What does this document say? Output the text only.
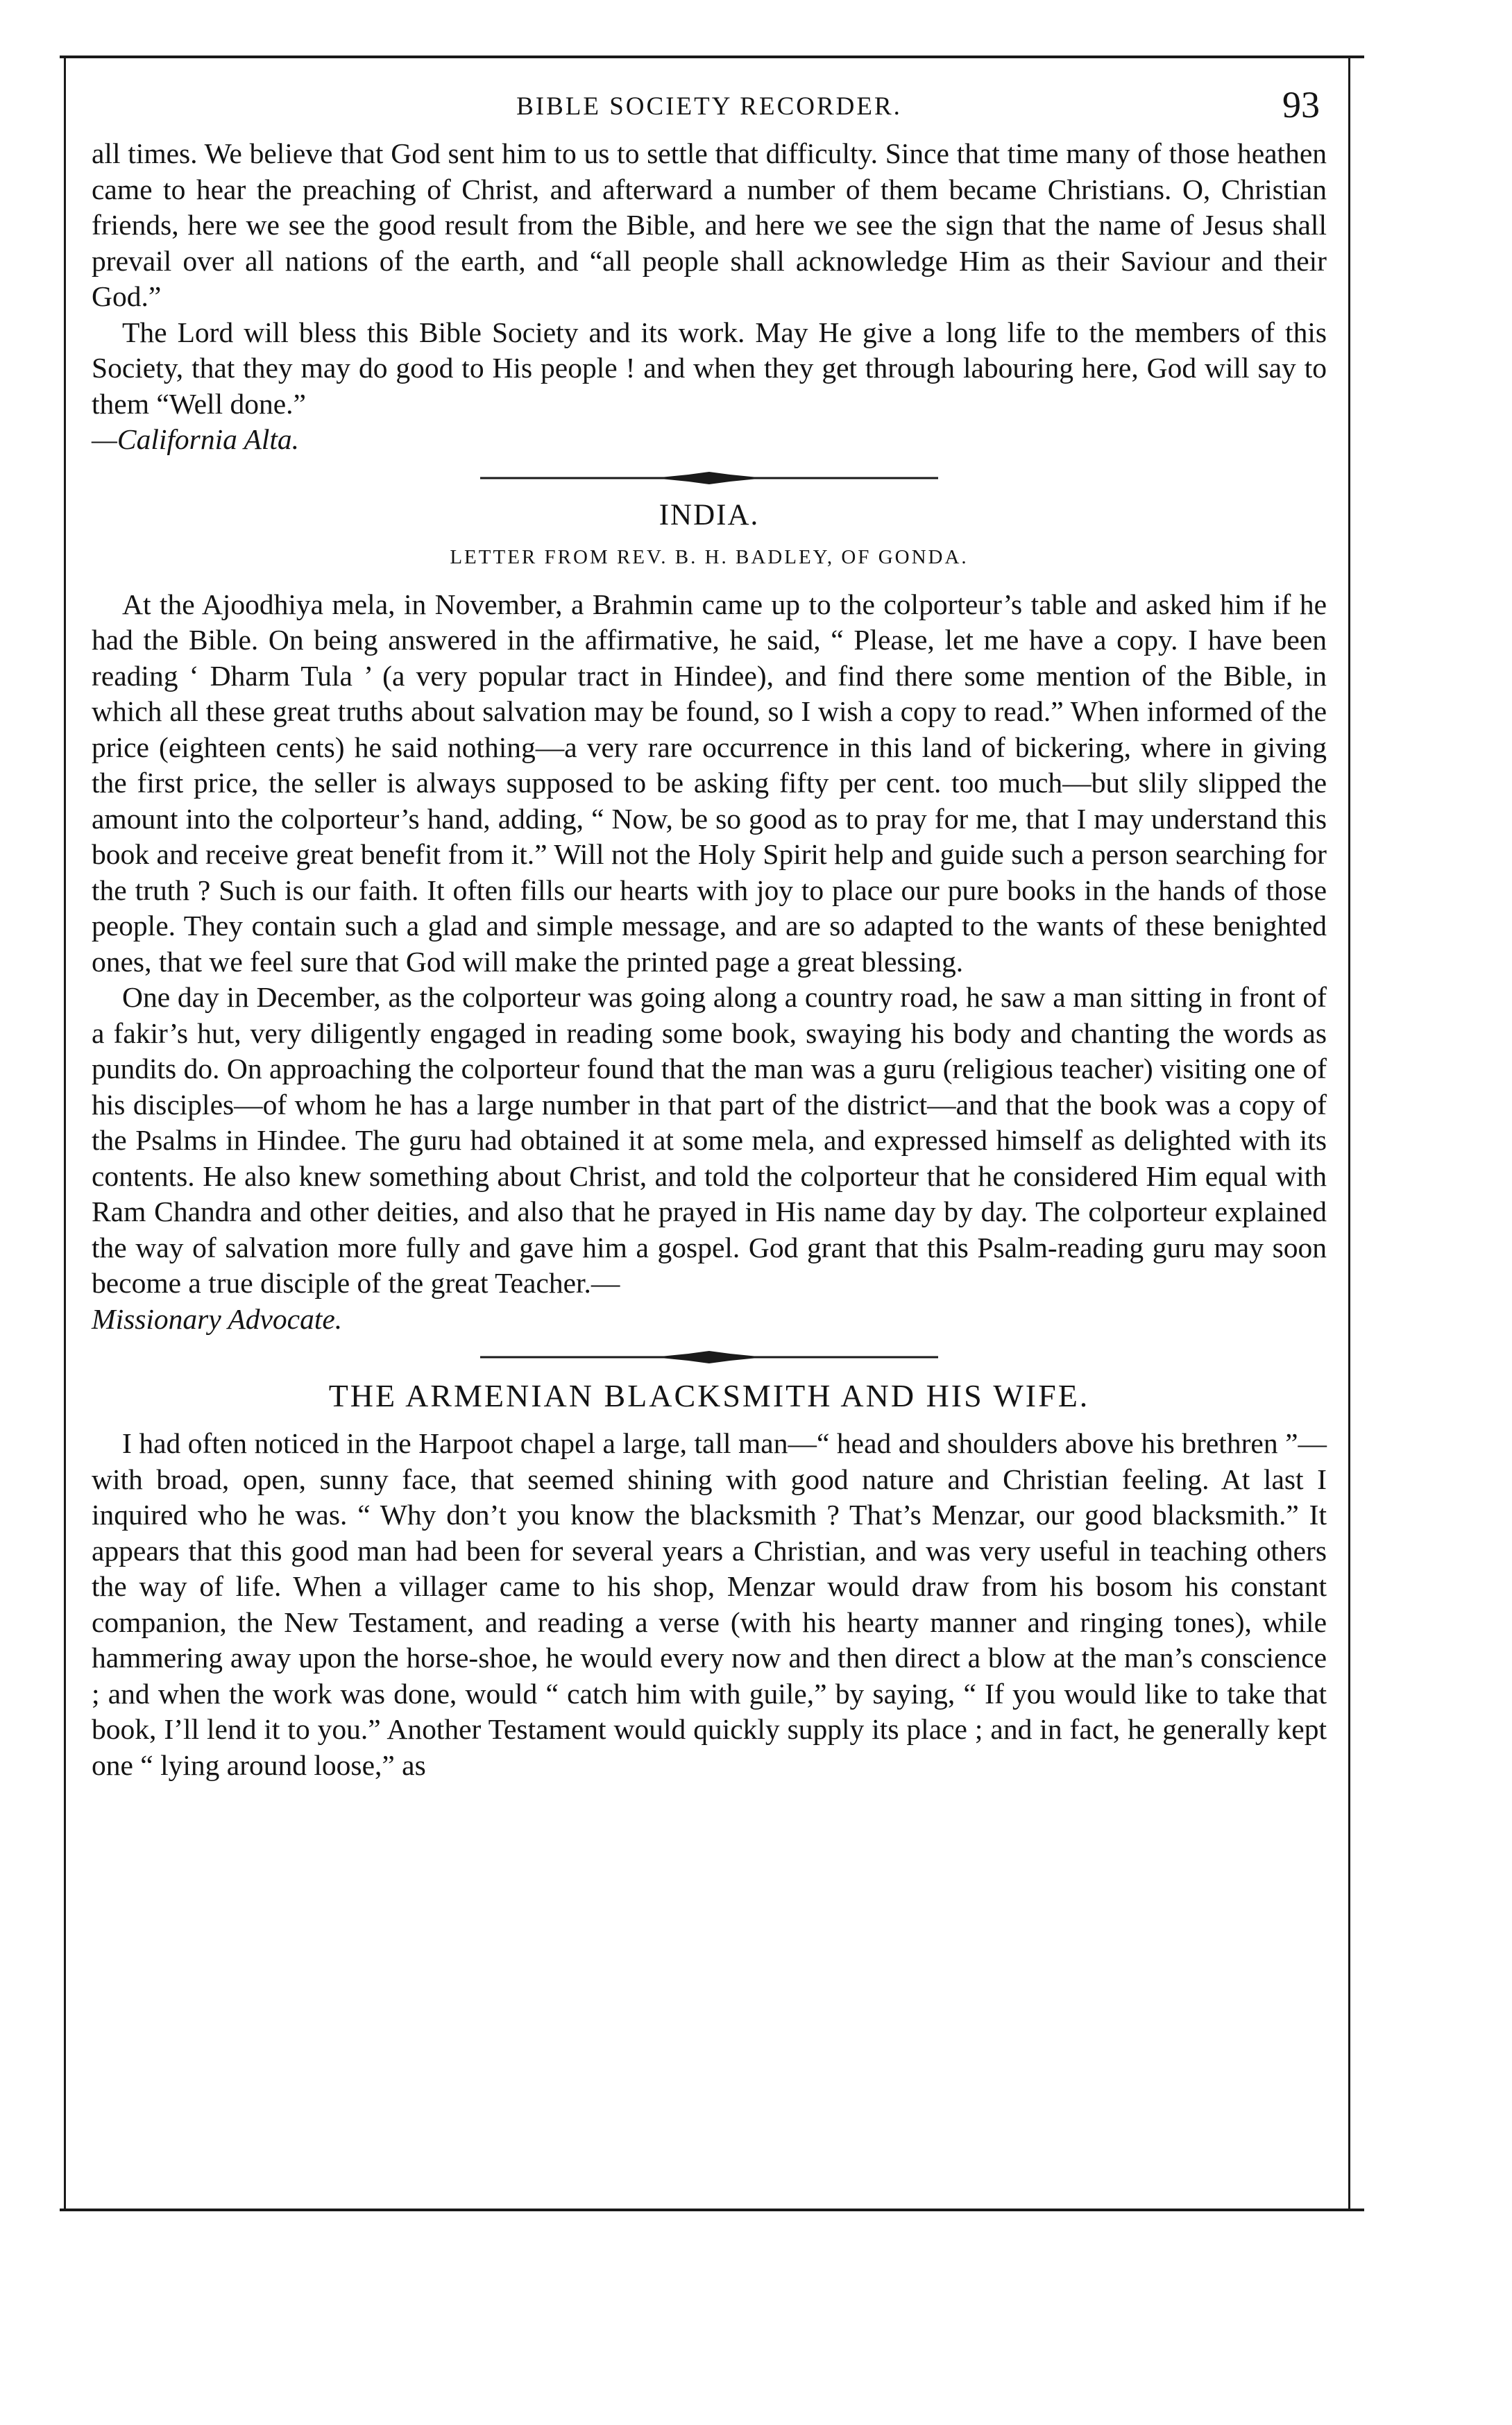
BIBLE SOCIETY RECORDER.	93

all times. We believe that God sent him to us to settle that difficulty. Since that time many of those heathen came to hear the preaching of Christ, and afterward a number of them became Christians. O, Christian friends, here we see the good result from the Bible, and here we see the sign that the name of Jesus shall prevail over all nations of the earth, and “all people shall acknowledge Him as their Saviour and their God.”

The Lord will bless this Bible Society and its work. May He give a long life to the members of this Society, that they may do good to His people ! and when they get through labouring here, God will say to them “Well done.”

—California Alta.
INDIA.
LETTER FROM REV. B. H. BADLEY, OF GONDA.

At the Ajoodhiya mela, in November, a Brahmin came up to the colporteur’s table and asked him if he had the Bible. On being answered in the affirmative, he said, “ Please, let me have a copy. I have been reading ‘ Dharm Tula ’ (a very popular tract in Hindee), and find there some mention of the Bible, in which all these great truths about salvation may be found, so I wish a copy to read.” When informed of the price (eighteen cents) he said nothing—a very rare occurrence in this land of bickering, where in giving the first price, the seller is always supposed to be asking fifty per cent. too much—but slily slipped the amount into the colporteur’s hand, adding, “ Now, be so good as to pray for me, that I may understand this book and receive great benefit from it.” Will not the Holy Spirit help and guide such a person searching for the truth ? Such is our faith. It often fills our hearts with joy to place our pure books in the hands of those people. They contain such a glad and simple message, and are so adapted to the wants of these benighted ones, that we feel sure that God will make the printed page a great blessing.

One day in December, as the colporteur was going along a country road, he saw a man sitting in front of a fakir’s hut, very diligently engaged in reading some book, swaying his body and chanting the words as pundits do. On approaching the colporteur found that the man was a guru (religious teacher) visiting one of his disciples—of whom he has a large number in that part of the district—and that the book was a copy of the Psalms in Hindee. The guru had obtained it at some mela, and expressed himself as delighted with its contents. He also knew something about Christ, and told the colporteur that he considered Him equal with Ram Chandra and other deities, and also that he prayed in His name day by day. The colporteur explained the way of salvation more fully and gave him a gospel. God grant that this Psalm-reading guru may soon become a true disciple of the great Teacher.—

Missionary Advocate.
THE ARMENIAN BLACKSMITH AND HIS WIFE.

I had often noticed in the Harpoot chapel a large, tall man—“ head and shoulders above his brethren ”—with broad, open, sunny face, that seemed shining with good nature and Christian feeling. At last I inquired who he was. “ Why don’t you know the blacksmith ? That’s Menzar, our good blacksmith.” It appears that this good man had been for several years a Christian, and was very useful in teaching others the way of life. When a villager came to his shop, Menzar would draw from his bosom his constant companion, the New Testament, and reading a verse (with his hearty manner and ringing tones), while hammering away upon the horse-shoe, he would every now and then direct a blow at the man’s conscience ; and when the work was done, would “ catch him with guile,” by saying, “ If you would like to take that book, I’ll lend it to you.” Another Testament would quickly supply its place ; and in fact, he generally kept one “ lying around loose,” as
